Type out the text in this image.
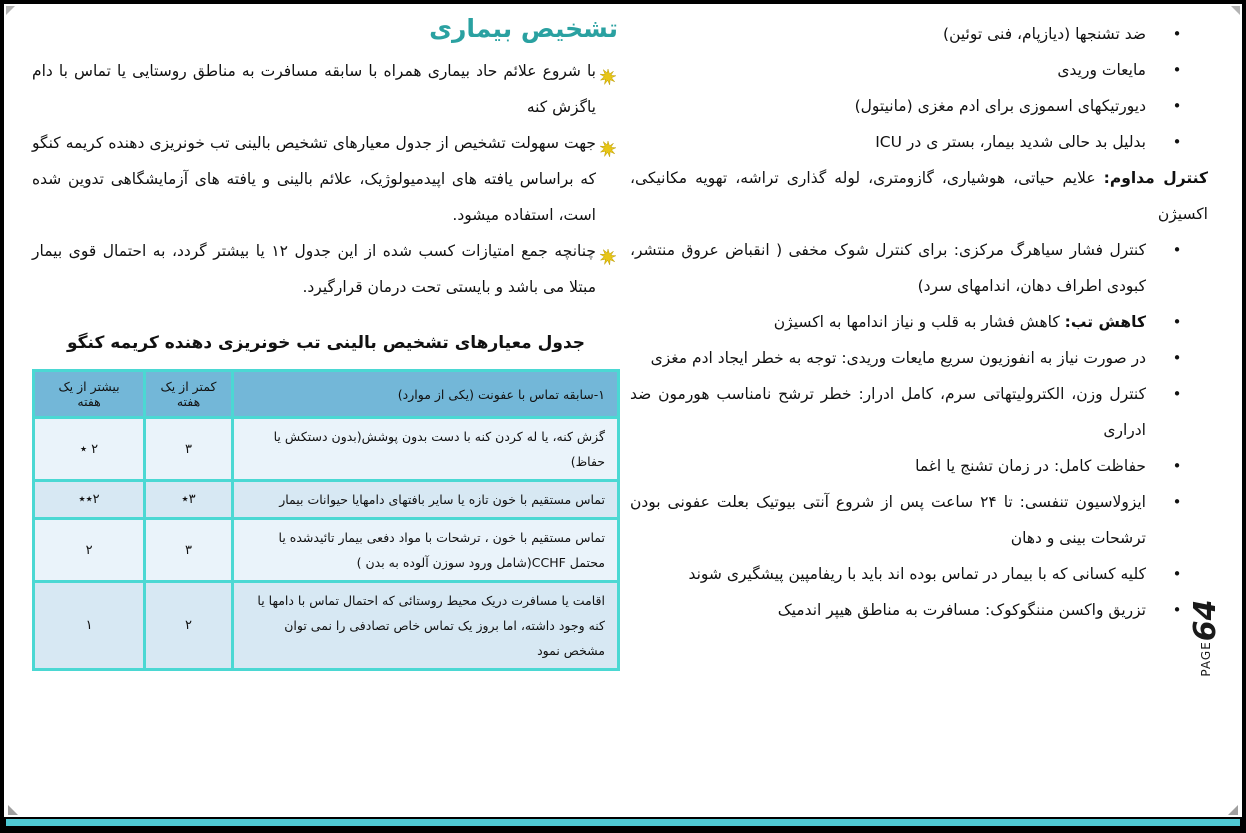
•
ضد تشنجها (دیازپام، فنی توئین)
•
مایعات وریدی
•
دیورتیکهای اسموزی برای ادم مغزی (مانیتول)
•
بدلیل بد حالی شدید بیمار، بستر ی در ICU
کنترل مداوم: علایم حیاتی، هوشیاری، گازومتری، لوله گذاری تراشه، تهویه مکانیکی، اکسیژن
•
کنترل فشار سیاهرگ مرکزی: برای کنترل شوک مخفی ( انقباض عروق منتشر، کبودی اطراف دهان، اندامهای سرد)
•
کاهش تب: کاهش فشار به قلب و نیاز اندامها به اکسیژن
•
در صورت نیاز به انفوزیون سریع مایعات وریدی: توجه به خطر ایجاد ادم مغزی
•
کنترل وزن، الکترولیتهاتی سرم، کامل ادرار: خطر ترشح نامناسب هورمون ضد ادراری
•
حفاظت کامل: در زمان تشنج یا اغما
•
ایزولاسیون تنفسی: تا ۲۴ ساعت پس از شروع آنتی بیوتیک بعلت عفونی بودن ترشحات بینی و دهان
•
کلیه کسانی که با بیمار در تماس بوده اند باید با ریفامپین پیشگیری شوند
•
تزریق واکسن مننگوکوک: مسافرت به مناطق هیپر اندمیک
PAGE
64
تشخیص بیماری
با شروع علائم حاد بیماری همراه با سابقه مسافرت به مناطق روستایی یا تماس با دام یاگزش کنه
جهت سهولت تشخیص از جدول معیارهای تشخیص بالینی تب خونریزی دهنده کریمه کنگو که براساس یافته های اپیدمیولوژیک، علائم بالینی و یافته های آزمایشگاهی تدوین شده است، استفاده میشود.
چنانچه جمع امتیازات کسب شده از این جدول ۱۲ یا بیشتر گردد، به احتمال قوی بیمار مبتلا می باشد و بایستی تحت درمان قرارگیرد.
جدول معیارهای تشخیص بالینی تب خونریزی دهنده کریمه کنگو
۱-سابقه تماس با عفونت (یکی از موارد)	کمتر از یک هفته	بیشتر از یک هفته
گزش کنه، یا له کردن کنه با دست بدون پوشش(بدون دستکش یا حفاظ)	۳	٭ ۲
تماس مستقیم با خون تازه یا سایر بافتهای دامهایا حیوانات بیمار	٭۳	٭٭۲
تماس مستقیم با خون ، ترشحات با مواد دفعی بیمار تائیدشده یا محتمل CCHF(شامل ورود سوزن آلوده به بدن )	۳	۲
اقامت یا مسافرت دریک محیط روستائی که احتمال تماس با دامها یا کنه وجود داشته، اما بروز یک تماس خاص تصادفی را نمی توان مشخص نمود	۲	۱
